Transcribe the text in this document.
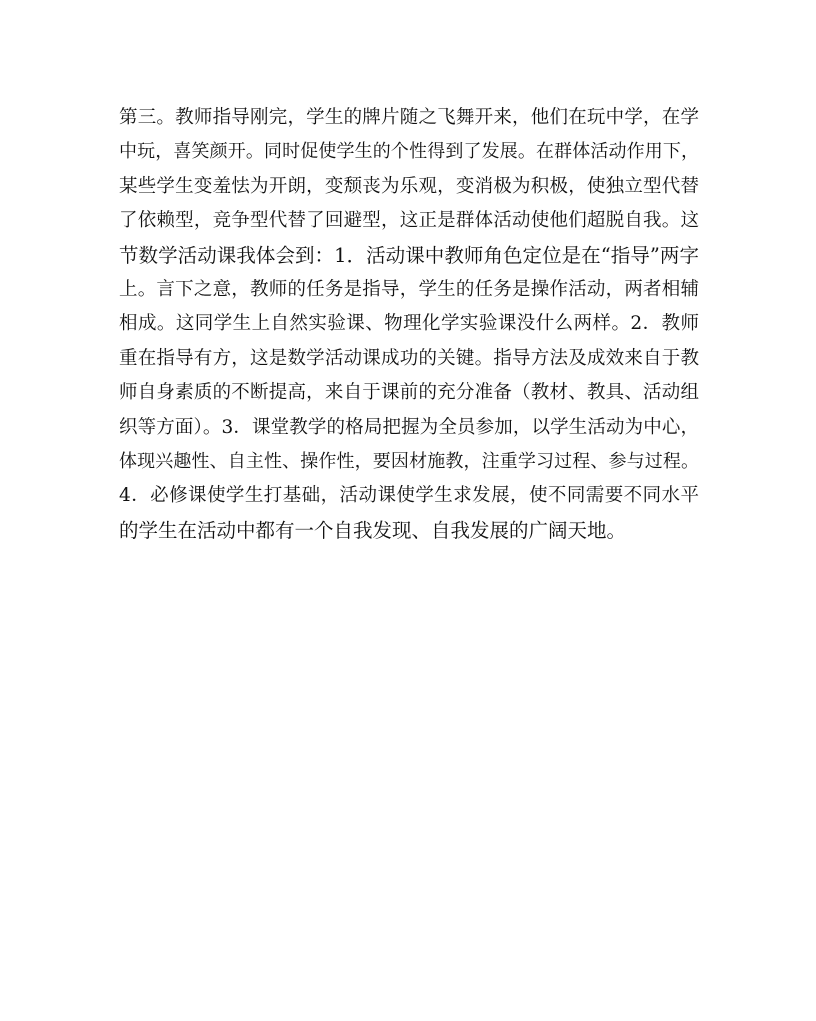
第三。教师指导刚完，学生的牌片随之飞舞开来，他们在玩中学，在学
中玩，喜笑颜开。同时促使学生的个性得到了发展。在群体活动作用下，
某些学生变羞怯为开朗，变颓丧为乐观，变消极为积极，使独立型代替
了依赖型，竞争型代替了回避型，这正是群体活动使他们超脱自我。这
节数学活动课我体会到：1．活动课中教师角色定位是在“指导”两字
上。言下之意，教师的任务是指导，学生的任务是操作活动，两者相辅
相成。这同学生上自然实验课、物理化学实验课没什么两样。2．教师
重在指导有方，这是数学活动课成功的关键。指导方法及成效来自于教
师自身素质的不断提高，来自于课前的充分准备（教材、教具、活动组
织等方面）。3．课堂教学的格局把握为全员参加，以学生活动为中心，
体现兴趣性、自主性、操作性，要因材施教，注重学习过程、参与过程。
4．必修课使学生打基础，活动课使学生求发展，使不同需要不同水平
的学生在活动中都有一个自我发现、自我发展的广阔天地。
